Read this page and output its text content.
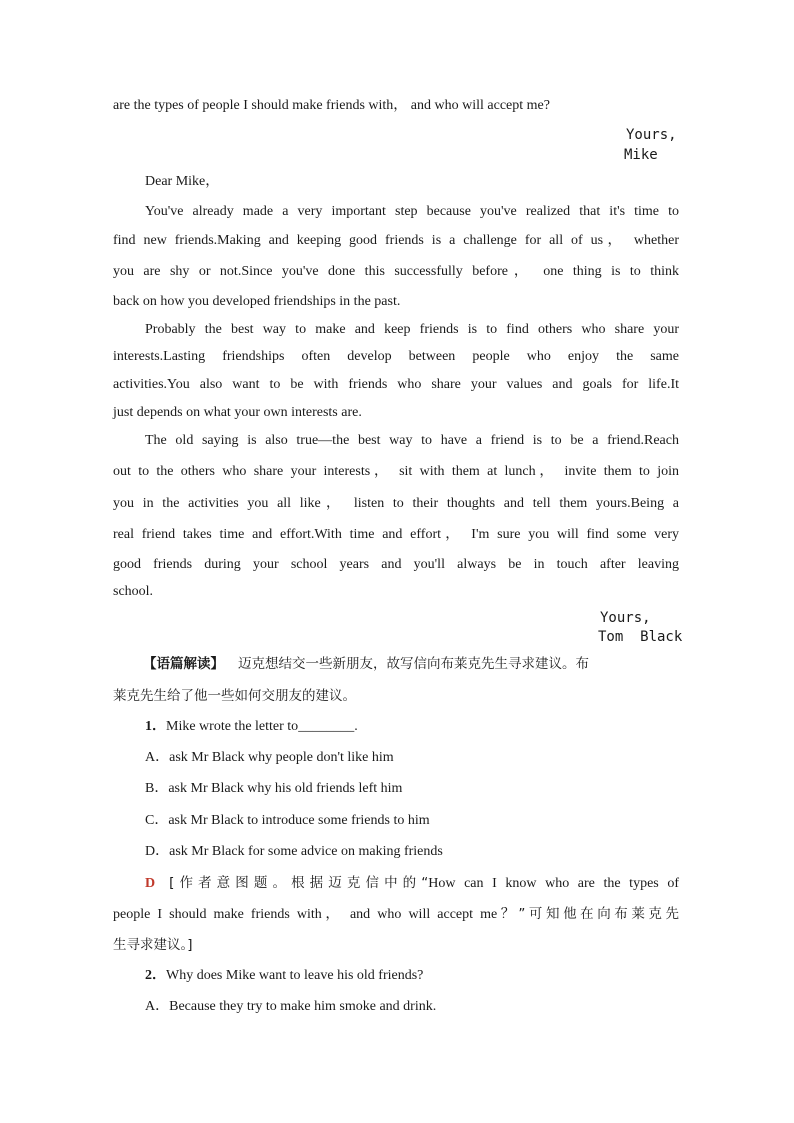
are the types of people I should make friends with， and who will accept me?
Yours,
Mike
Dear Mike，
You've already made a very important step because you've realized that it's time to
find new friends.Making and keeping good friends is a challenge for all of us， whether
you are shy or not.Since you've done this successfully before， one thing is to think
back on how you developed friendships in the past.
Probably the best way to make and keep friends is to find others who share your
interests.Lasting friendships often develop between people who enjoy the same
activities.You also want to be with friends who share your values and goals for life.It
just depends on what your own interests are.
The old saying is also true—the best way to have a friend is to be a friend.Reach
out to the others who share your interests， sit with them at lunch， invite them to join
you in the activities you all like， listen to their thoughts and tell them yours.Being a
real friend takes time and effort.With time and effort， I'm sure you will find some very
good friends during your school years and you'll always be in touch after leaving
school.
Yours,
Tom  Black
【语篇解读】 迈克想结交一些新朋友，故写信向布莱克先生寻求建议。布
莱克先生给了他一些如何交朋友的建议。
1．Mike wrote the letter to________.
A．ask Mr Black why people don't like him
B．ask Mr Black why his old friends left him
C．ask Mr Black to introduce some friends to him
D．ask Mr Black for some advice on making friends
D [作者意图题。根据迈克信中的“How can I know who are the types of
people I should make friends with， and who will accept me？”可知他在向布莱克先
生寻求建议。]
2．Why does Mike want to leave his old friends?
A．Because they try to make him smoke and drink.
